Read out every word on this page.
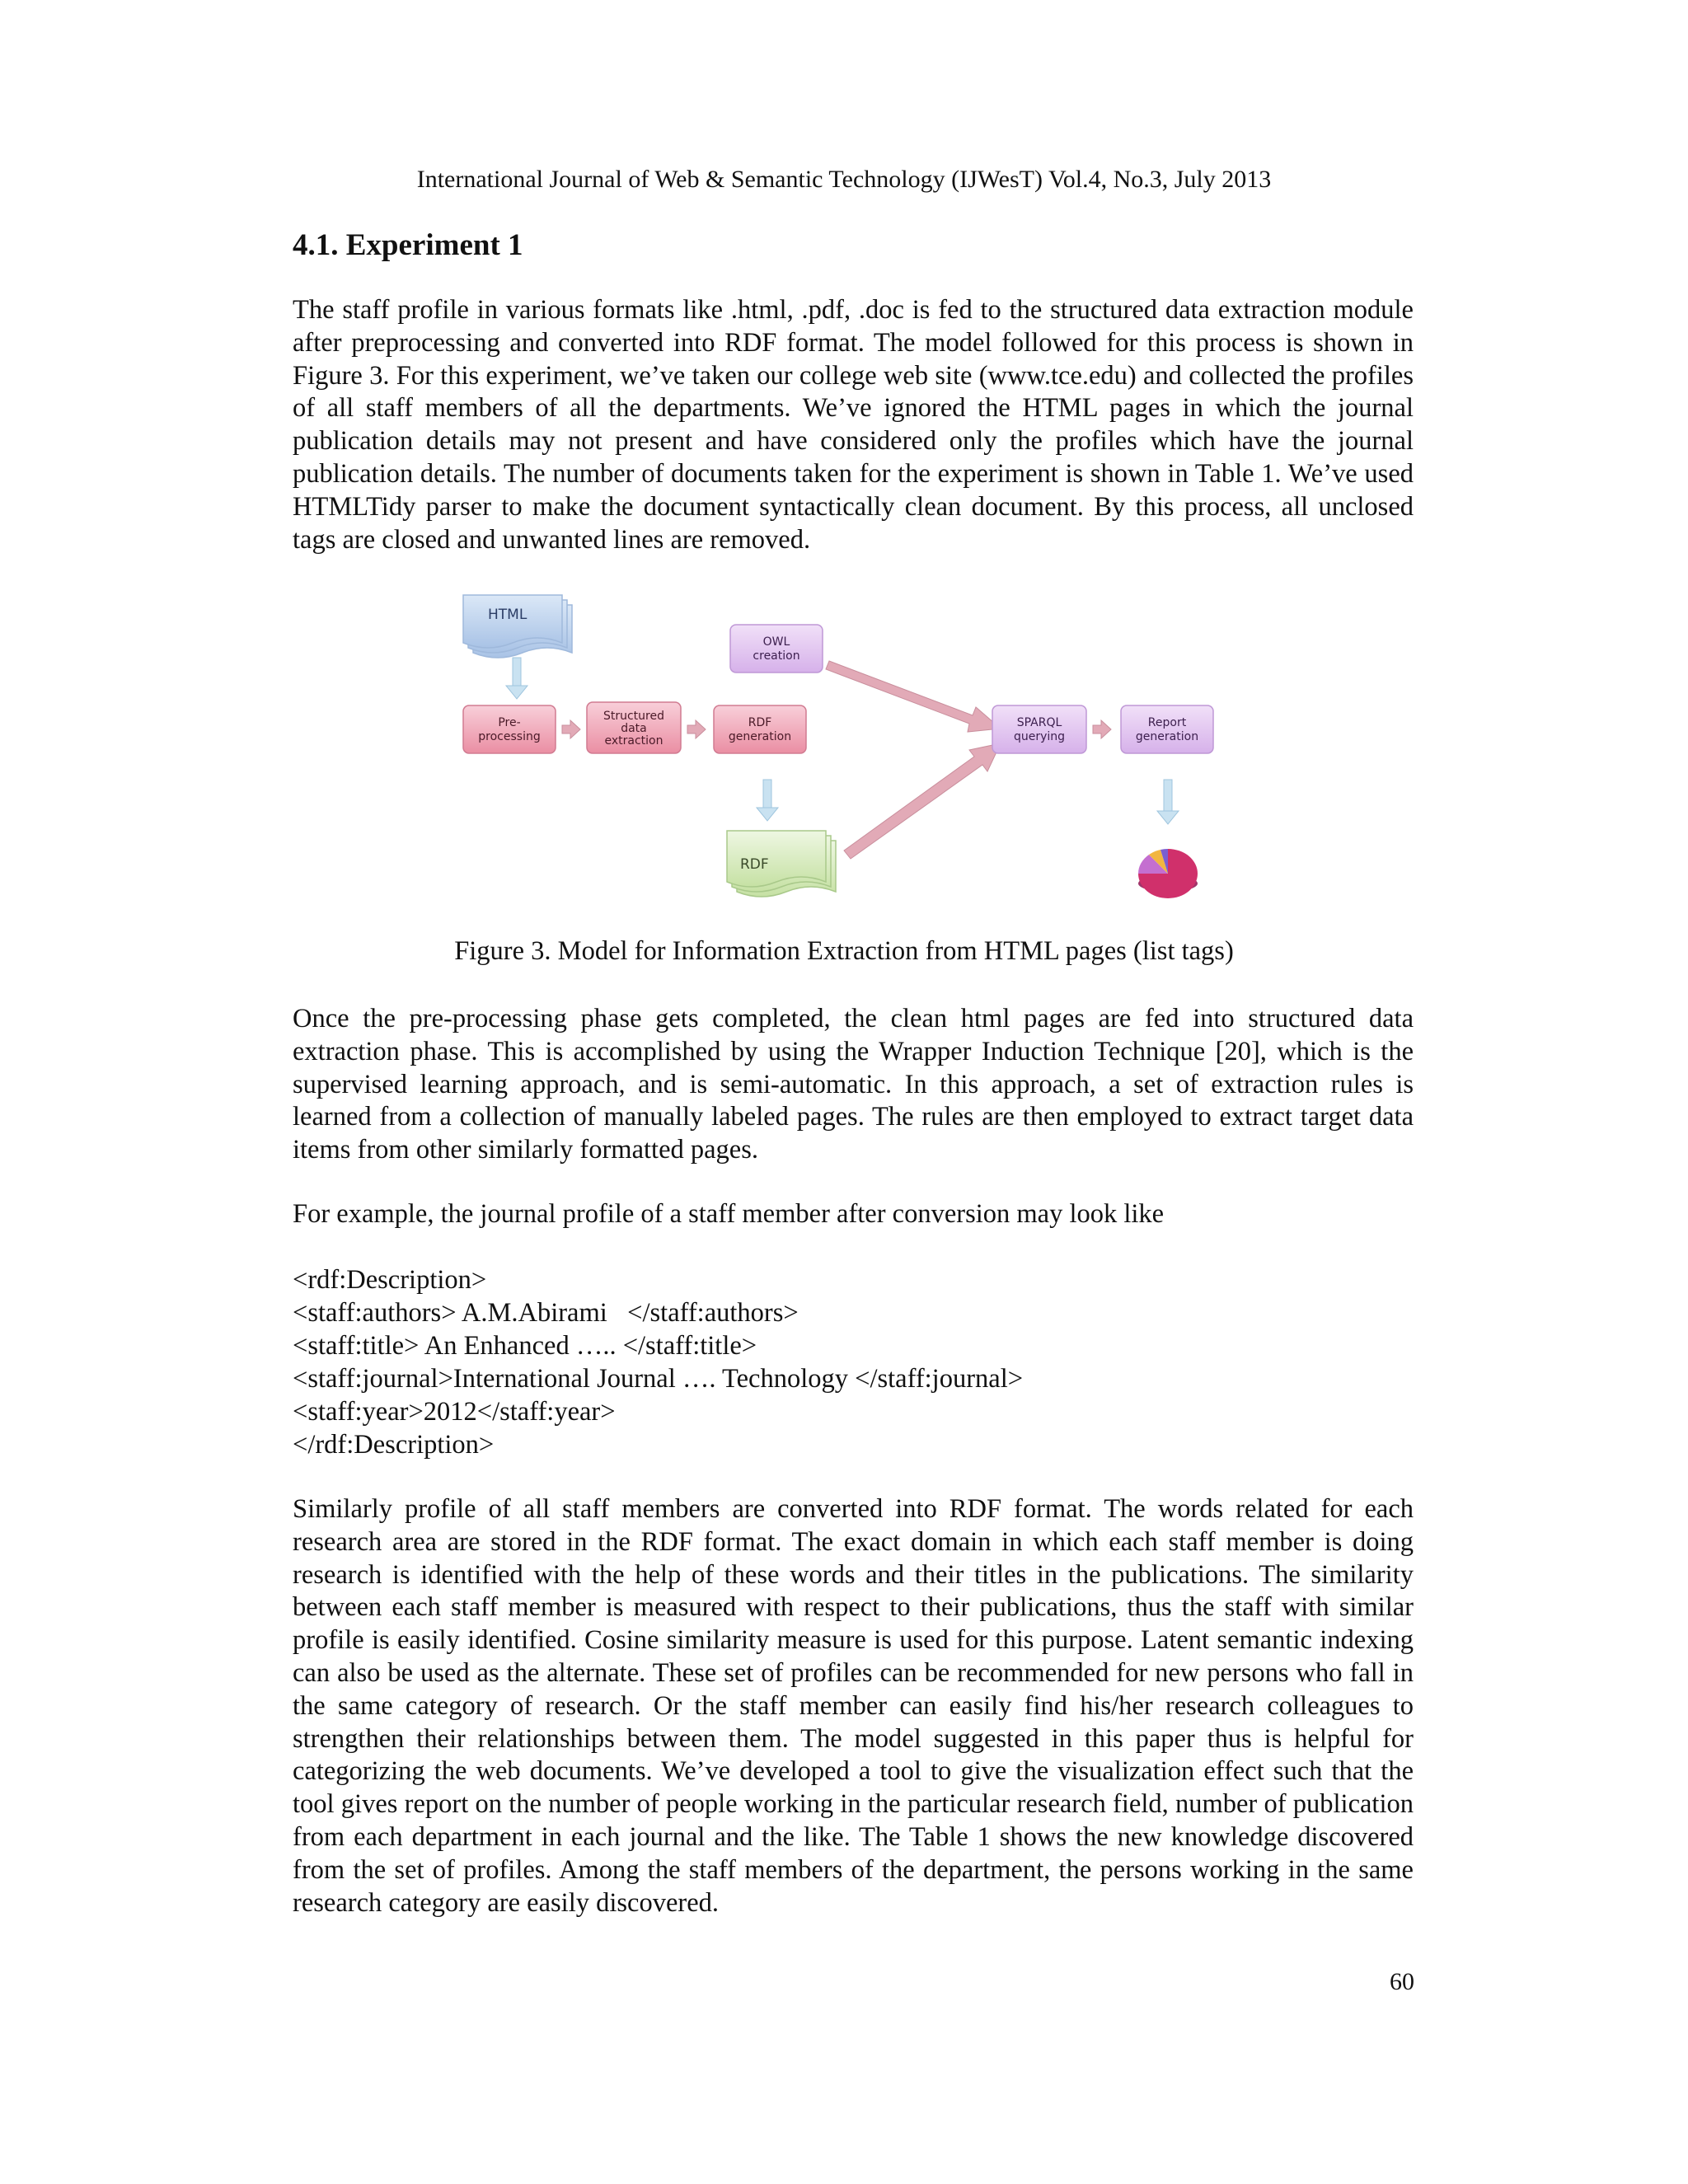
International Journal of Web & Semantic Technology (IJWesT) Vol.4, No.3, July 2013
4.1. Experiment 1

The staff profile in various formats like .html, .pdf, .doc is fed to the structured data extraction module after preprocessing and converted into RDF format. The model followed for this process is shown in Figure 3. For this experiment, we’ve taken our college web site (www.tce.edu) and collected the profiles of all staff members of all the departments. We’ve ignored the HTML pages in which the journal publication details may not present and have considered only the profiles which have the journal publication details. The number of documents taken for the experiment is shown in Table 1. We’ve used HTMLTidy parser to make the document syntactically clean document. By this process, all unclosed tags are closed and unwanted lines are removed.

HTML
Pre-
processing
Structured
data
extraction
RDF
generation
RDF
OWL
creation
SPARQL
querying
Report
generation
Figure 3. Model for Information Extraction from HTML pages (list tags)

Once the pre-processing phase gets completed, the clean html pages are fed into structured data extraction phase. This is accomplished by using the Wrapper Induction Technique [20], which is the supervised learning approach, and is semi-automatic. In this approach, a set of extraction rules is learned from a collection of manually labeled pages. The rules are then employed to extract target data items from other similarly formatted pages.

For example, the journal profile of a staff member after conversion may look like

<rdf:Description>
<staff:authors> A.M.Abirami   </staff:authors>
<staff:title> An Enhanced ….. </staff:title>
<staff:journal>International Journal …. Technology </staff:journal>
<staff:year>2012</staff:year>
</rdf:Description>

Similarly profile of all staff members are converted into RDF format. The words related for each research area are stored in the RDF format. The exact domain in which each staff member is doing research is identified with the help of these words and their titles in the publications. The similarity between each staff member is measured with respect to their publications, thus the staff with similar profile is easily identified. Cosine similarity measure is used for this purpose. Latent semantic indexing can also be used as the alternate. These set of profiles can be recommended for new persons who fall in the same category of research. Or the staff member can easily find his/her research colleagues to strengthen their relationships between them. The model suggested in this paper thus is helpful for categorizing the web documents. We’ve developed a tool to give the visualization effect such that the tool gives report on the number of people working in the particular research field, number of publication from each department in each journal and the like. The Table 1 shows the new knowledge discovered from the set of profiles. Among the staff members of the department, the persons working in the same research category are easily discovered.

60
